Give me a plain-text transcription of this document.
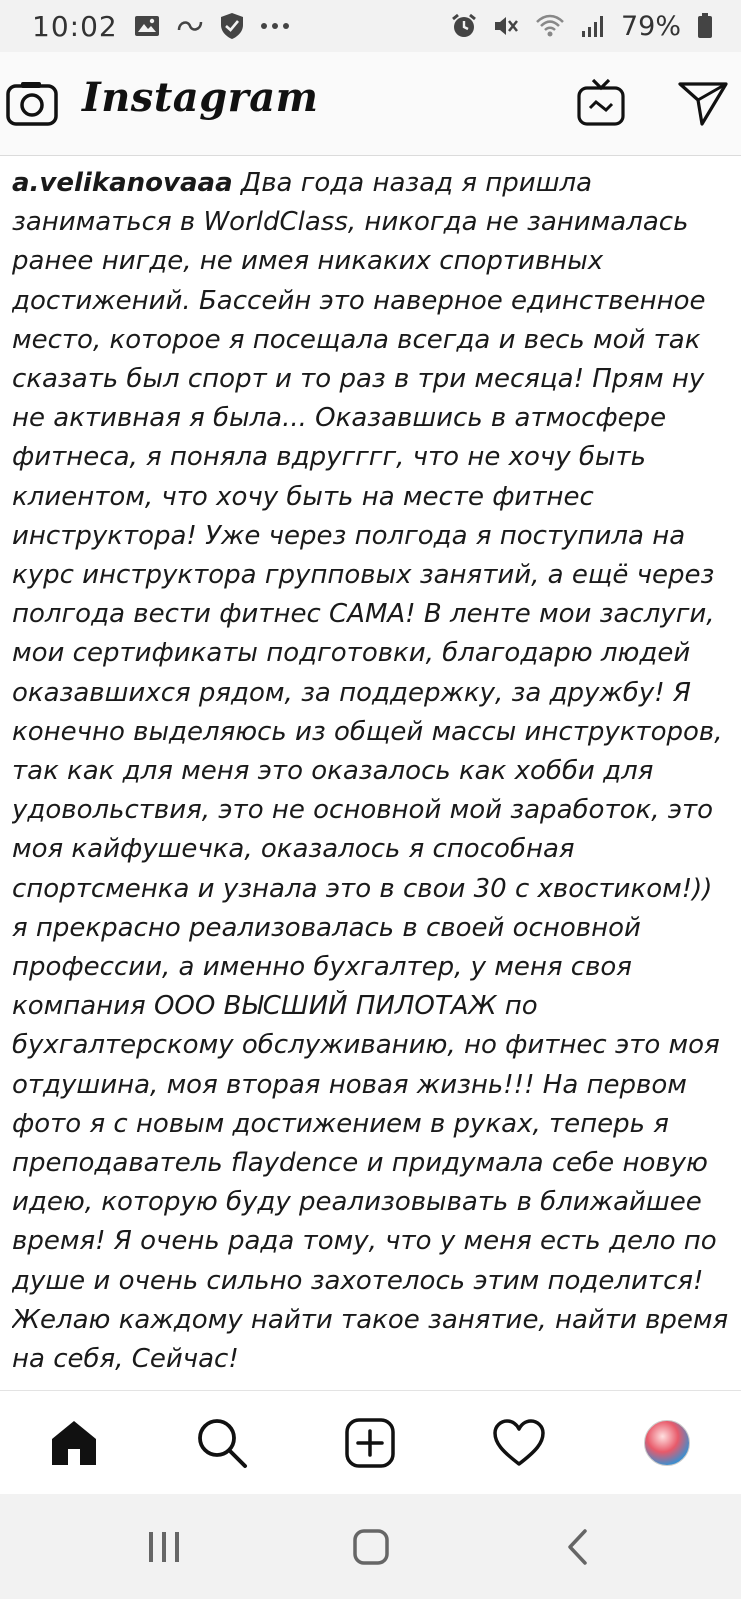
10:02	79%
Instagram
a.velikanovaaa Два года назад я пришла заниматься в WorldClass, никогда не занималась ранее нигде, не имея никаких спортивных достижений. Бассейн это наверное единственное место, которое я посещала всегда и весь мой так сказать был спорт и то раз в три месяца! Прям ну не активная я была... Оказавшись в атмосфере фитнеса, я поняла вдругггг, что не хочу быть клиентом, что хочу быть на месте фитнес инструктора! Уже через полгода я поступила на курс инструктора групповых занятий, а ещё через полгода вести фитнес САМА! В ленте мои заслуги, мои сертификаты подготовки, благодарю людей оказавшихся рядом, за поддержку, за дружбу! Я конечно выделяюсь из общей массы инструкторов, так как для меня это оказалось как хобби для удовольствия, это не основной мой заработок, это моя кайфушечка, оказалось я способная спортсменка и узнала это в свои 30 с хвостиком!)) я прекрасно реализовалась в своей основной профессии, а именно бухгалтер, у меня своя компания ООО ВЫСШИЙ ПИЛОТАЖ по бухгалтерскому обслуживанию, но фитнес это моя отдушина, моя вторая новая жизнь!!! На первом фото я с новым достижением в руках, теперь я преподаватель flaydence и придумала себе новую идею, которую буду реализовывать в ближайшее время! Я очень рада тому, что у меня есть дело по душе и очень сильно захотелось этим поделится! Желаю каждому найти такое занятие, найти время на себя, Сейчас!
